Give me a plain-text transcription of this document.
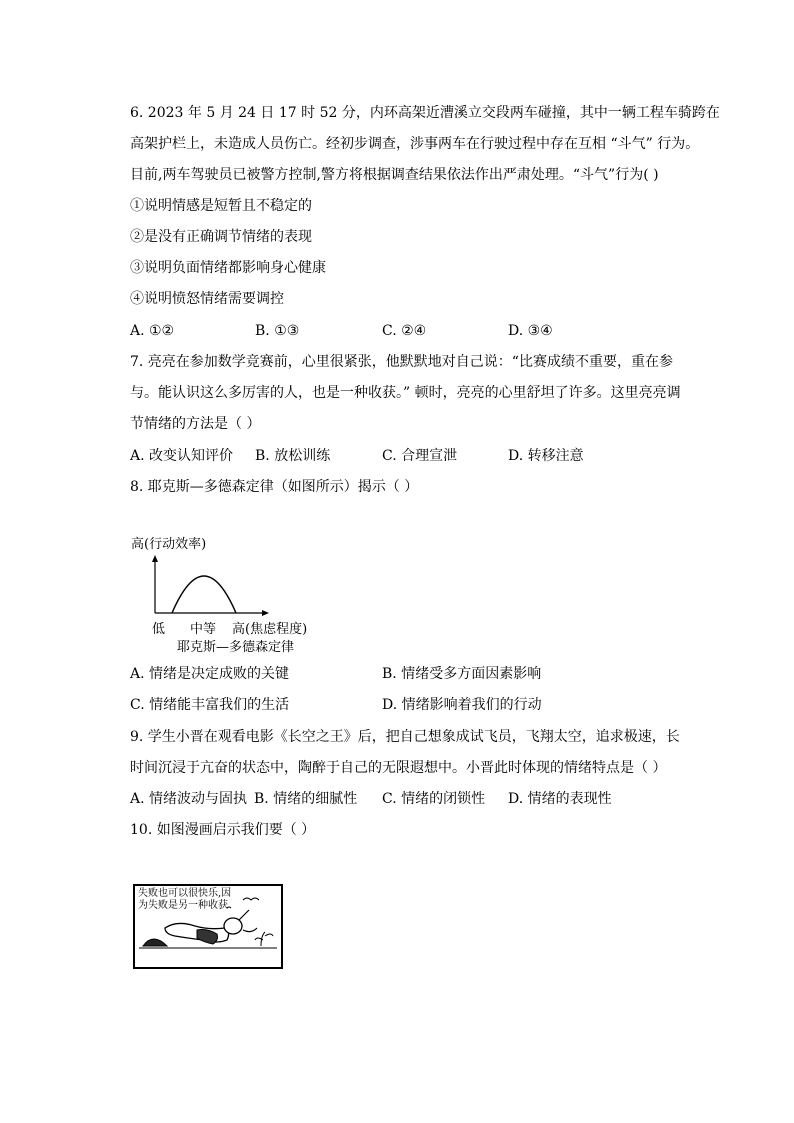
6. 2023 年 5 月 24 日 17 时 52 分，内环高架近漕溪立交段两车碰撞，其中一辆工程车骑跨在
高架护栏上，未造成人员伤亡。经初步调查，涉事两车在行驶过程中存在互相 “斗气” 行为。
目前,两车驾驶员已被警方控制,警方将根据调查结果依法作出严肃处理。“斗气”行为( )
①说明情感是短暂且不稳定的
②是没有正确调节情绪的表现
③说明负面情绪都影响身心健康
④说明愤怒情绪需要调控
A. ①②	B. ①③	C. ②④	D. ③④
7. 亮亮在参加数学竞赛前，心里很紧张，他默默地对自己说：“比赛成绩不重要，重在参
与。能认识这么多厉害的人，也是一种收获。” 顿时，亮亮的心里舒坦了许多。这里亮亮调
节情绪的方法是（ ）
A. 改变认知评价 B. 放松训练	C. 合理宣泄	D. 转移注意
8. 耶克斯—多德森定律（如图所示）揭示（ ）
高(行动效率)
低 中等 高(焦虑程度)
耶克斯—多德森定律
A. 情绪是决定成败的关键	B. 情绪受多方面因素影响
C. 情绪能丰富我们的生活	D. 情绪影响着我们的行动
9. 学生小晋在观看电影《长空之王》后，把自己想象成试飞员，飞翔太空，追求极速，长
时间沉浸于亢奋的状态中，陶醉于自己的无限遐想中。小晋此时体现的情绪特点是（ ）
A. 情绪波动与固执 B. 情绪的细腻性 C. 情绪的闭锁性 D. 情绪的表现性
10. 如图漫画启示我们要（ ）
失败也可以很快乐,因
为失败是另一种收获
